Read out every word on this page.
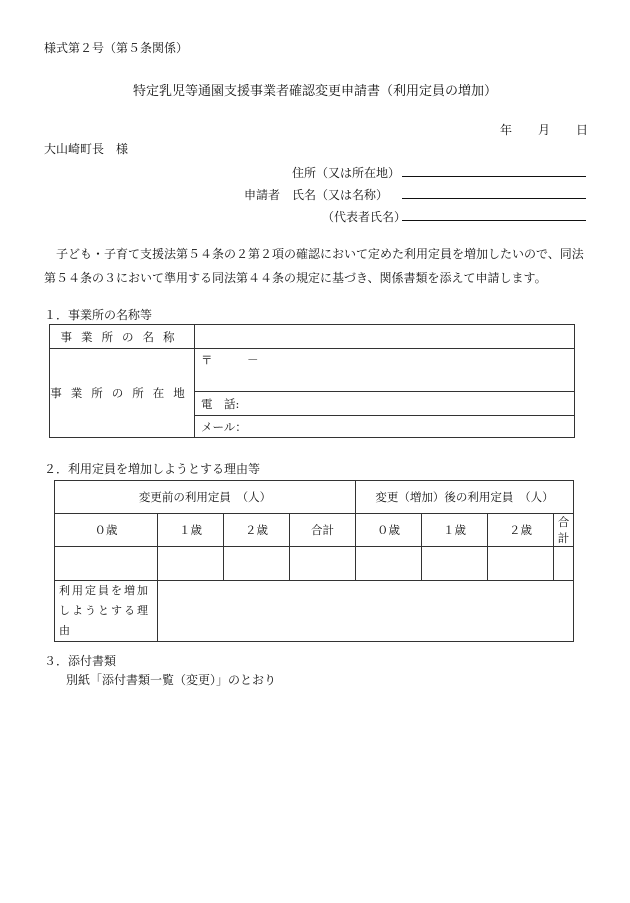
様式第２号（第５条関係）
特定乳児等通園支援事業者確認変更申請書（利用定員の増加）
年 月 日
大山崎町長　様
住所（又は所在地）
申請者 氏名（又は名称）
（代表者氏名）
子ども・子育て支援法第５４条の２第２項の確認において定めた利用定員を増加したいので、同法第５４条の３において準用する同法第４４条の規定に基づき、関係書類を添えて申請します。
１．事業所の名称等
事業所の名称	
事業所の所在地	〒　　　－
	電　話:
	メール：
２．利用定員を増加しようとする理由等
変更前の利用定員　（人）				変更（増加）後の利用定員　（人）			
０歳	１歳	２歳	合計	０歳	１歳	２歳	合計

利用定員を増加
しようとする理由							

３．添付書類
別紙「添付書類一覧（変更）」のとおり
